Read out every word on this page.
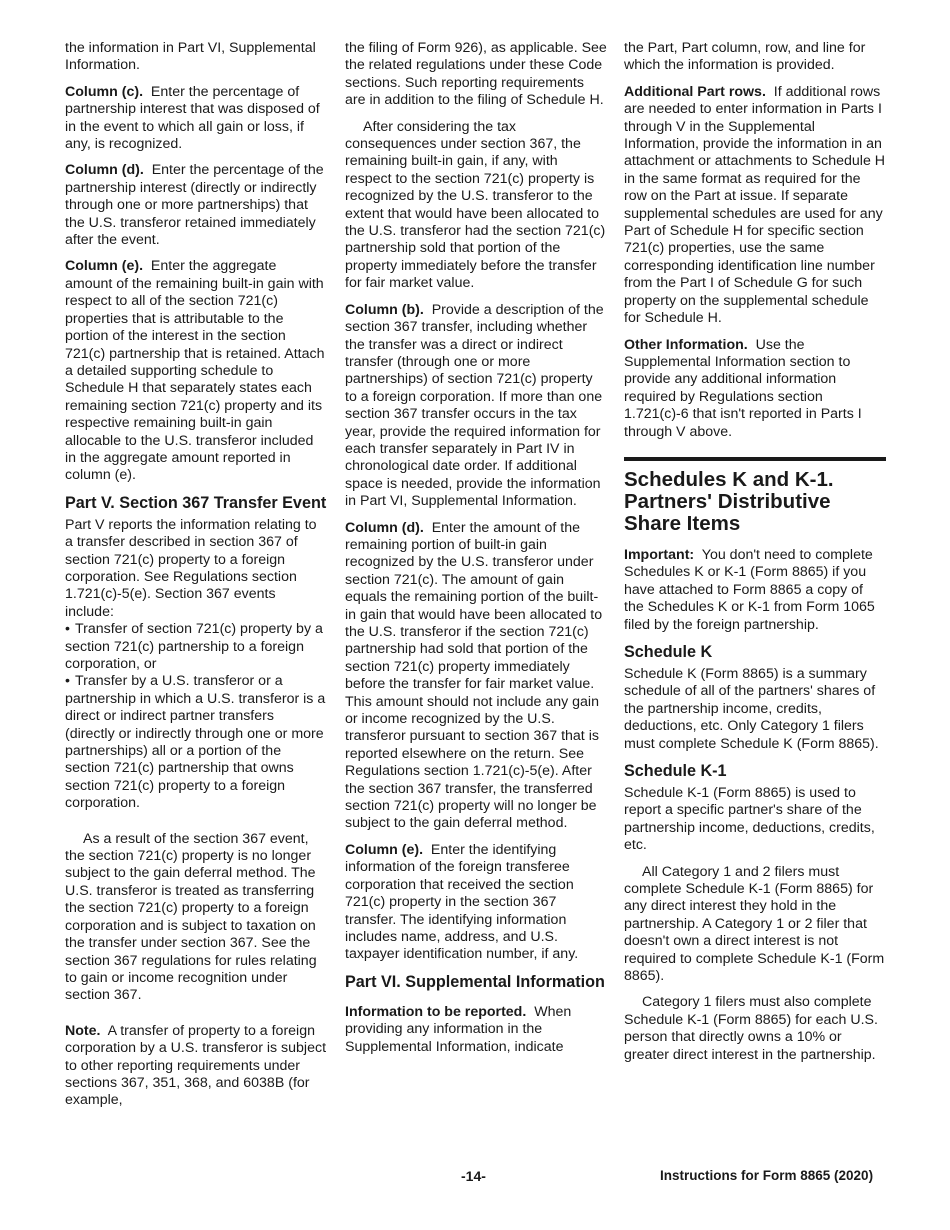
the information in Part VI, Supplemental Information.

Column (c). Enter the percentage of partnership interest that was disposed of in the event to which all gain or loss, if any, is recognized.

Column (d). Enter the percentage of the partnership interest (directly or indirectly through one or more partnerships) that the U.S. transferor retained immediately after the event.

Column (e). Enter the aggregate amount of the remaining built-in gain with respect to all of the section 721(c) properties that is attributable to the portion of the interest in the section 721(c) partnership that is retained. Attach a detailed supporting schedule to Schedule H that separately states each remaining section 721(c) property and its respective remaining built-in gain allocable to the U.S. transferor included in the aggregate amount reported in column (e).

Part V. Section 367 Transfer Event

Part V reports the information relating to a transfer described in section 367 of section 721(c) property to a foreign corporation. See Regulations section 1.721(c)-5(e). Section 367 events include:

• Transfer of section 721(c) property by a section 721(c) partnership to a foreign corporation, or

• Transfer by a U.S. transferor or a partnership in which a U.S. transferor is a direct or indirect partner transfers (directly or indirectly through one or more partnerships) all or a portion of the section 721(c) partnership that owns section 721(c) property to a foreign corporation.

As a result of the section 367 event, the section 721(c) property is no longer subject to the gain deferral method. The U.S. transferor is treated as transferring the section 721(c) property to a foreign corporation and is subject to taxation on the transfer under section 367. See the section 367 regulations for rules relating to gain or income recognition under section 367.

Note. A transfer of property to a foreign corporation by a U.S. transferor is subject to other reporting requirements under sections 367, 351, 368, and 6038B (for example,

the filing of Form 926), as applicable. See the related regulations under these Code sections. Such reporting requirements are in addition to the filing of Schedule H.

After considering the tax consequences under section 367, the remaining built-in gain, if any, with respect to the section 721(c) property is recognized by the U.S. transferor to the extent that would have been allocated to the U.S. transferor had the section 721(c) partnership sold that portion of the property immediately before the transfer for fair market value.

Column (b). Provide a description of the section 367 transfer, including whether the transfer was a direct or indirect transfer (through one or more partnerships) of section 721(c) property to a foreign corporation. If more than one section 367 transfer occurs in the tax year, provide the required information for each transfer separately in Part IV in chronological date order. If additional space is needed, provide the information in Part VI, Supplemental Information.

Column (d). Enter the amount of the remaining portion of built-in gain recognized by the U.S. transferor under section 721(c). The amount of gain equals the remaining portion of the built-in gain that would have been allocated to the U.S. transferor if the section 721(c) partnership had sold that portion of the section 721(c) property immediately before the transfer for fair market value. This amount should not include any gain or income recognized by the U.S. transferor pursuant to section 367 that is reported elsewhere on the return. See Regulations section 1.721(c)-5(e). After the section 367 transfer, the transferred section 721(c) property will no longer be subject to the gain deferral method.

Column (e). Enter the identifying information of the foreign transferee corporation that received the section 721(c) property in the section 367 transfer. The identifying information includes name, address, and U.S. taxpayer identification number, if any.

Part VI. Supplemental Information

Information to be reported. When providing any information in the Supplemental Information, indicate

the Part, Part column, row, and line for which the information is provided.

Additional Part rows. If additional rows are needed to enter information in Parts I through V in the Supplemental Information, provide the information in an attachment or attachments to Schedule H in the same format as required for the row on the Part at issue. If separate supplemental schedules are used for any Part of Schedule H for specific section 721(c) properties, use the same corresponding identification line number from the Part I of Schedule G for such property on the supplemental schedule for Schedule H.

Other Information. Use the Supplemental Information section to provide any additional information required by Regulations section 1.721(c)-6 that isn't reported in Parts I through V above.

Schedules K and K-1. Partners' Distributive Share Items

Important: You don't need to complete Schedules K or K-1 (Form 8865) if you have attached to Form 8865 a copy of the Schedules K or K-1 from Form 1065 filed by the foreign partnership.

Schedule K

Schedule K (Form 8865) is a summary schedule of all of the partners' shares of the partnership income, credits, deductions, etc. Only Category 1 filers must complete Schedule K (Form 8865).

Schedule K-1

Schedule K-1 (Form 8865) is used to report a specific partner's share of the partnership income, deductions, credits, etc.

All Category 1 and 2 filers must complete Schedule K-1 (Form 8865) for any direct interest they hold in the partnership. A Category 1 or 2 filer that doesn't own a direct interest is not required to complete Schedule K-1 (Form 8865).

Category 1 filers must also complete Schedule K-1 (Form 8865) for each U.S. person that directly owns a 10% or greater direct interest in the partnership.

-14-	Instructions for Form 8865 (2020)
